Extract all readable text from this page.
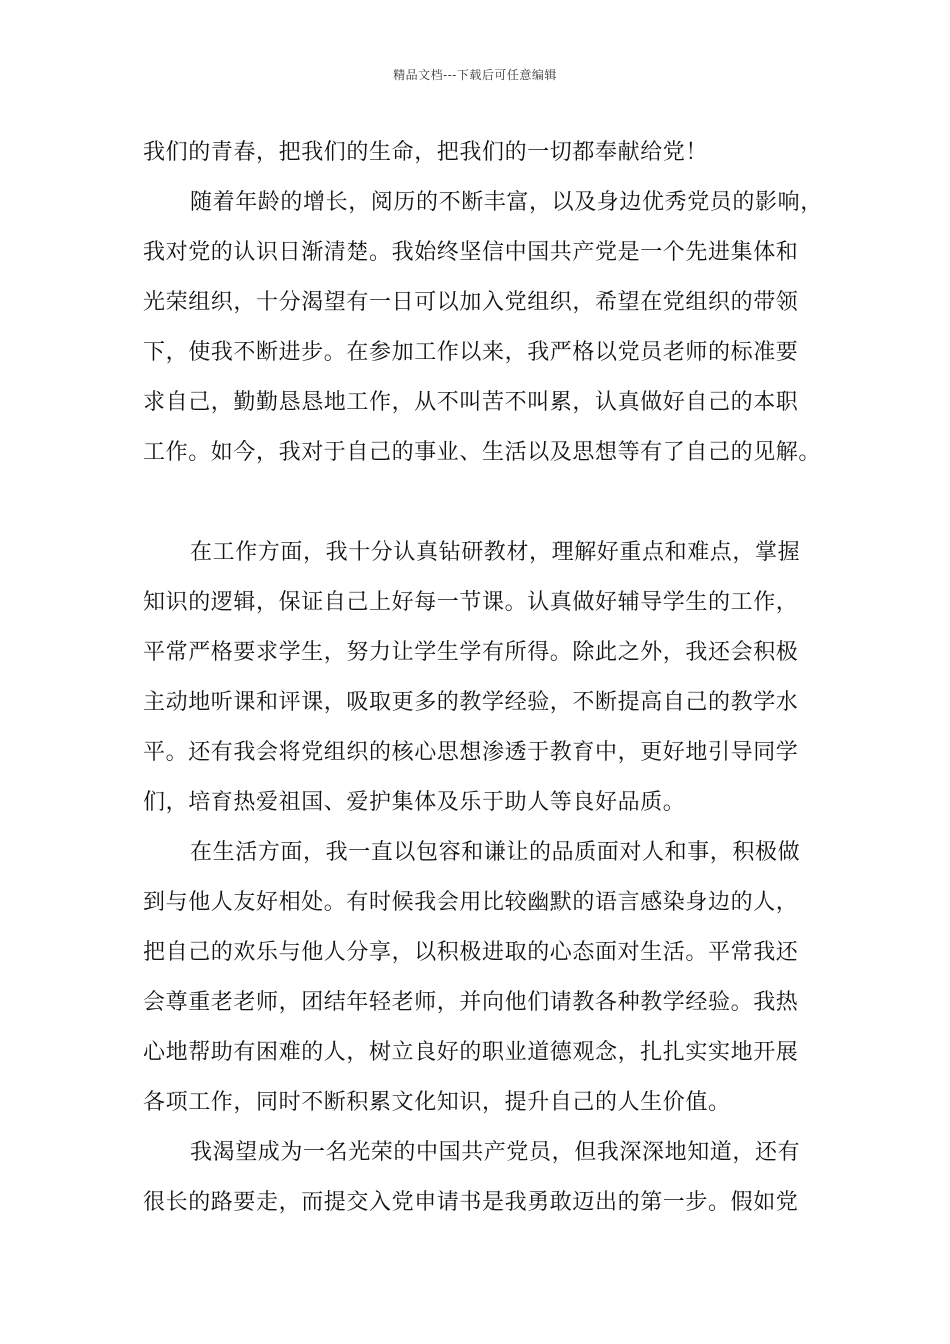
精品文档---下载后可任意编辑
我们的青春，把我们的生命，把我们的一切都奉献给党！
随着年龄的增长，阅历的不断丰富，以及身边优秀党员的影响，
我对党的认识日渐清楚。我始终坚信中国共产党是一个先进集体和
光荣组织，十分渴望有一日可以加入党组织，希望在党组织的带领
下，使我不断进步。在参加工作以来，我严格以党员老师的标准要
求自己，勤勤恳恳地工作，从不叫苦不叫累，认真做好自己的本职
工作。如今，我对于自己的事业、生活以及思想等有了自己的见解。
在工作方面，我十分认真钻研教材，理解好重点和难点，掌握
知识的逻辑，保证自己上好每一节课。认真做好辅导学生的工作，
平常严格要求学生，努力让学生学有所得。除此之外，我还会积极
主动地听课和评课，吸取更多的教学经验，不断提高自己的教学水
平。还有我会将党组织的核心思想渗透于教育中，更好地引导同学
们，培育热爱祖国、爱护集体及乐于助人等良好品质。
在生活方面，我一直以包容和谦让的品质面对人和事，积极做
到与他人友好相处。有时候我会用比较幽默的语言感染身边的人，
把自己的欢乐与他人分享，以积极进取的心态面对生活。平常我还
会尊重老老师，团结年轻老师，并向他们请教各种教学经验。我热
心地帮助有困难的人，树立良好的职业道德观念，扎扎实实地开展
各项工作，同时不断积累文化知识，提升自己的人生价值。
我渴望成为一名光荣的中国共产党员，但我深深地知道，还有
很长的路要走，而提交入党申请书是我勇敢迈出的第一步。假如党
